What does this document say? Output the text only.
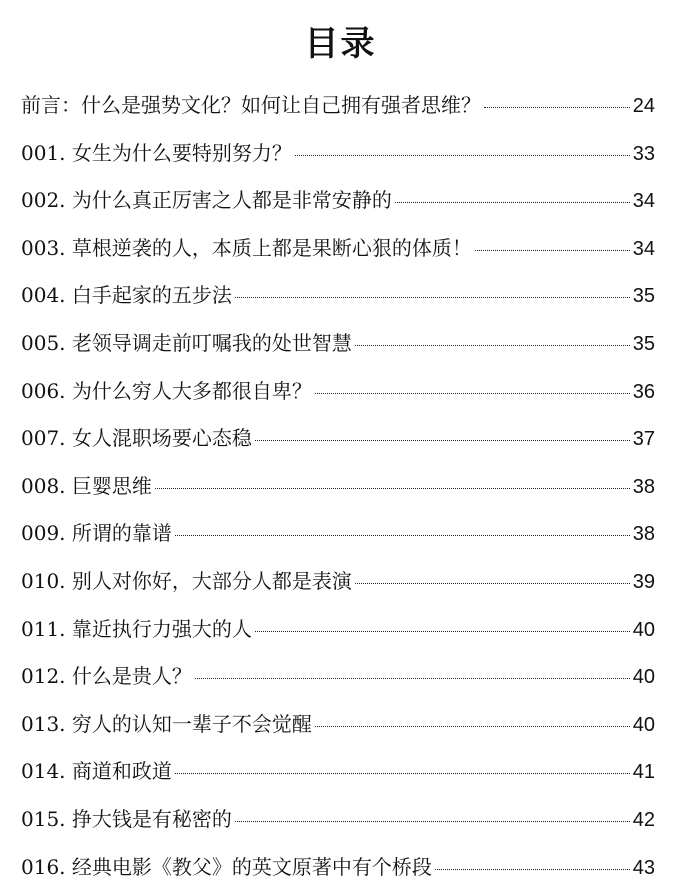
目录
前言：什么是强势文化？如何让自己拥有强者思维？	24
001. 女生为什么要特别努力？	33
002. 为什么真正厉害之人都是非常安静的	34
003. 草根逆袭的人，本质上都是果断心狠的体质！	34
004. 白手起家的五步法	35
005. 老领导调走前叮嘱我的处世智慧	35
006. 为什么穷人大多都很自卑？	36
007. 女人混职场要心态稳	37
008. 巨婴思维	38
009. 所谓的靠谱	38
010. 别人对你好，大部分人都是表演	39
011. 靠近执行力强大的人	40
012. 什么是贵人？	40
013. 穷人的认知一辈子不会觉醒	40
014. 商道和政道	41
015. 挣大钱是有秘密的	42
016. 经典电影《教父》的英文原著中有个桥段	43
